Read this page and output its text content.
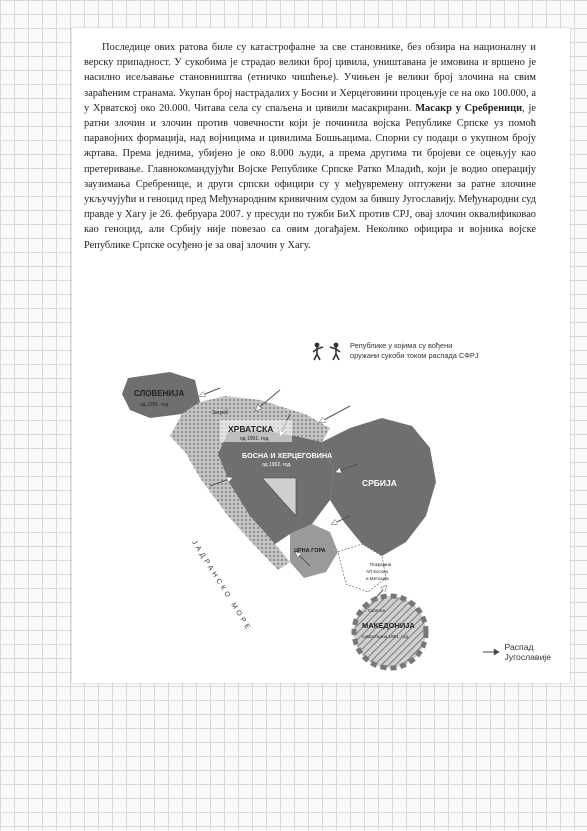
Последице ових ратова биле су катастрофалне за све становнике, без обзира на националну и верску припадност. У сукобима је страдао велики број цивила, уништавана је имовина и вршено је насилно исељавање становништва (етничко чишћење). Учињен је велики број злочина на свим зараћеним странама. Укупан број настрадалих у Босни и Херцеговини процењује се на око 100.000, а у Хрватској око 20.000. Читава села су спаљена и цивили масакрирани. Масакр у Сребреници, је ратни злочин и злочин против човечности који је починила војска Републике Српске уз помоћ паравојних формација, над војницима и цивилима Бошњацима. Спорни су подаци о укупном броју жртава. Према једнима, убијено је око 8.000 људи, а према другима ти бројеви се оцењују као претеривање. Главнокомандујући Војске Републике Српске Ратко Младић, који је водио операцију заузимања Сребренице, и други српски официри су у међувремену оптужени за ратне злочине укључујући и геноцид пред Међународним кривичним судом за бившу Југославију. Међународни суд правде у Хагу је 26. фебруара 2007. у пресуди по тужби БиХ против СРЈ, овај злочин оквалификовао као геноцид, али Србију није повезао са овим догађајем. Неколико официра и војника војске Републике Српске осуђено је за овај злочин у Хагу.

Републике у којима су вођени
оружани сукоби током распада СФРЈ
СЛОВЕНИЈА
од 1991. год.
ХРВАТСКА
од 1991. год.
Загреб
БОСНА И ХЕРЦЕГОВИНА
од 1992. год.
СРБИЈА
ЦРНА ГОРА
Покрајина
АП Косово
и Метохија
МАКЕДОНИЈА
самостална 1991. год.
Скопље
ЈАДРАНСКО МОРЕ
Распад Југославије
